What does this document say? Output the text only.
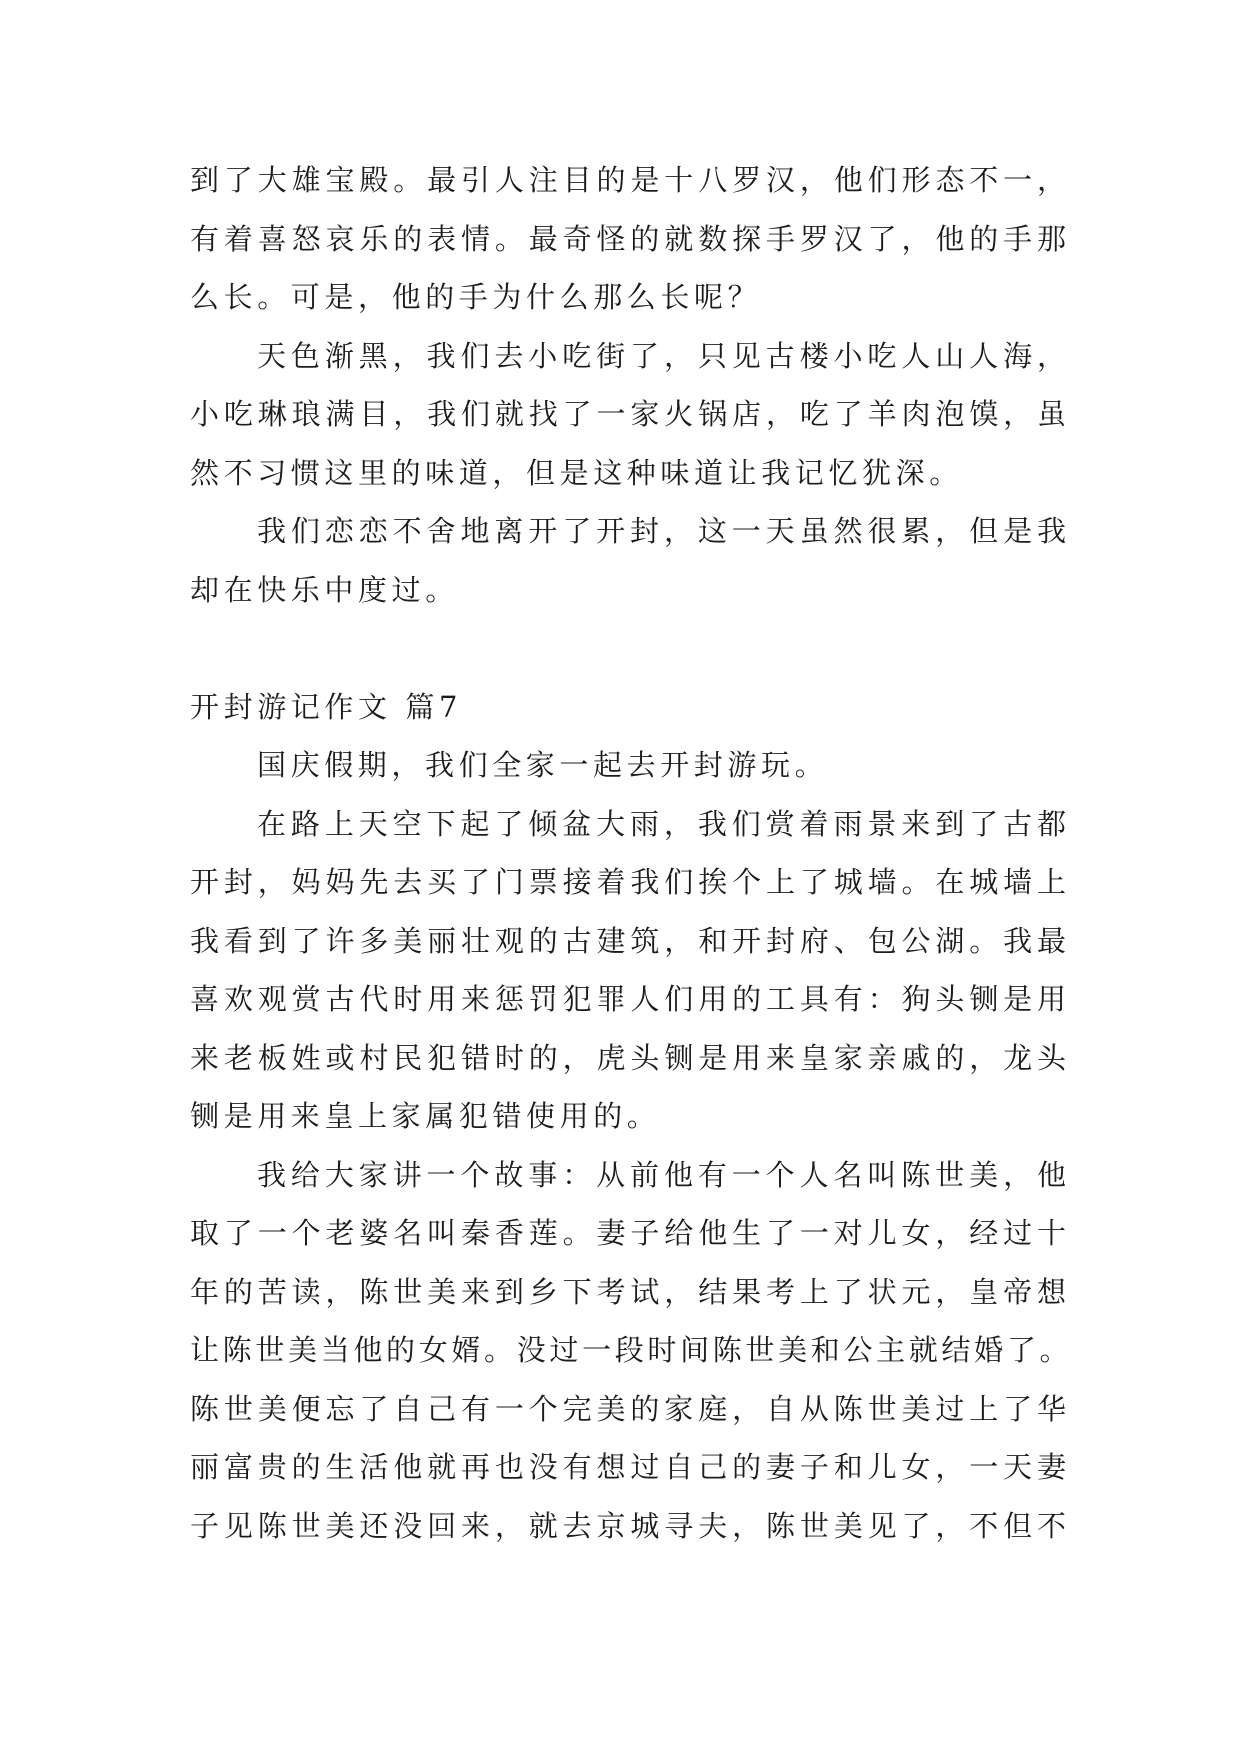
到了大雄宝殿。最引人注目的是十八罗汉，他们形态不一，
有着喜怒哀乐的表情。最奇怪的就数探手罗汉了，他的手那
么长。可是，他的手为什么那么长呢？
天色渐黑，我们去小吃街了，只见古楼小吃人山人海，
小吃琳琅满目，我们就找了一家火锅店，吃了羊肉泡馍，虽
然不习惯这里的味道，但是这种味道让我记忆犹深。
我们恋恋不舍地离开了开封，这一天虽然很累，但是我
却在快乐中度过。
开封游记作文 篇7
国庆假期，我们全家一起去开封游玩。
在路上天空下起了倾盆大雨，我们赏着雨景来到了古都
开封，妈妈先去买了门票接着我们挨个上了城墙。在城墙上
我看到了许多美丽壮观的古建筑，和开封府、包公湖。我最
喜欢观赏古代时用来惩罚犯罪人们用的工具有：狗头铡是用
来老板姓或村民犯错时的，虎头铡是用来皇家亲戚的，龙头
铡是用来皇上家属犯错使用的。
我给大家讲一个故事：从前他有一个人名叫陈世美，他
取了一个老婆名叫秦香莲。妻子给他生了一对儿女，经过十
年的苦读，陈世美来到乡下考试，结果考上了状元，皇帝想
让陈世美当他的女婿。没过一段时间陈世美和公主就结婚了。
陈世美便忘了自己有一个完美的家庭，自从陈世美过上了华
丽富贵的生活他就再也没有想过自己的妻子和儿女，一天妻
子见陈世美还没回来，就去京城寻夫，陈世美见了，不但不
